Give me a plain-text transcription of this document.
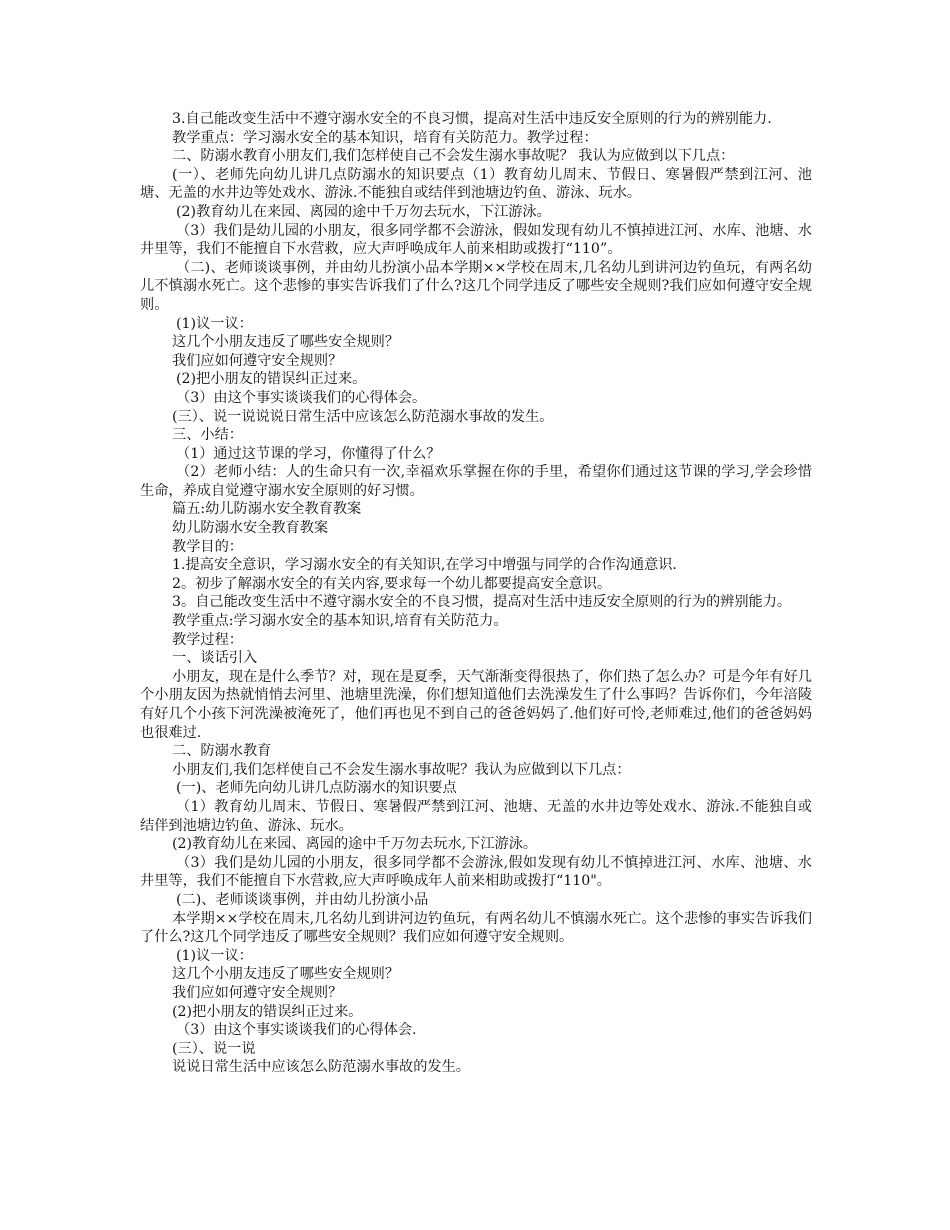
3.自己能改变生活中不遵守溺水安全的不良习惯，提高对生活中违反安全原则的行为的辨别能力.

教学重点：学习溺水安全的基本知识，培育有关防范力。教学过程：

二、防溺水教育小朋友们,我们怎样使自己不会发生溺水事故呢？ 我认为应做到以下几点：

(一）、老师先向幼儿讲几点防溺水的知识要点（1）教育幼儿周末、节假日、寒暑假严禁到江河、池塘、无盖的水井边等处戏水、游泳.不能独自或结伴到池塘边钓鱼、游泳、玩水。

(2)教育幼儿在来园、离园的途中千万勿去玩水，下江游泳。

（3）我们是幼儿园的小朋友，很多同学都不会游泳，假如发现有幼儿不慎掉进江河、水库、池塘、水井里等，我们不能擅自下水营救，应大声呼唤成年人前来相助或拨打“110”。

（二)、老师谈谈事例，并由幼儿扮演小品本学期××学校在周末,几名幼儿到讲河边钓鱼玩，有两名幼儿不慎溺水死亡。这个悲惨的事实告诉我们了什么?这几个同学违反了哪些安全规则?我们应如何遵守安全规则。

(1)议一议：

这几个小朋友违反了哪些安全规则？

我们应如何遵守安全规则？

(2)把小朋友的错误纠正过来。

（3）由这个事实谈谈我们的心得体会。

(三）、说一说说说日常生活中应该怎么防范溺水事故的发生。

三、小结：

（1）通过这节课的学习，你懂得了什么？

（2）老师小结：人的生命只有一次,幸福欢乐掌握在你的手里，希望你们通过这节课的学习,学会珍惜生命，养成自觉遵守溺水安全原则的好习惯。

篇五:幼儿防溺水安全教育教案

幼儿防溺水安全教育教案

教学目的：

1.提高安全意识，学习溺水安全的有关知识,在学习中增强与同学的合作沟通意识.

2。初步了解溺水安全的有关内容,要求每一个幼儿都要提高安全意识。

3。自己能改变生活中不遵守溺水安全的不良习惯，提高对生活中违反安全原则的行为的辨别能力。

教学重点:学习溺水安全的基本知识,培育有关防范力。

教学过程：

一、谈话引入

小朋友，现在是什么季节？对，现在是夏季，天气渐渐变得很热了，你们热了怎么办？可是今年有好几个小朋友因为热就悄悄去河里、池塘里洗澡，你们想知道他们去洗澡发生了什么事吗？告诉你们，今年涪陵有好几个小孩下河洗澡被淹死了，他们再也见不到自己的爸爸妈妈了.他们好可怜,老师难过,他们的爸爸妈妈也很难过.

二、防溺水教育

小朋友们,我们怎样使自己不会发生溺水事故呢？我认为应做到以下几点：

(一)、老师先向幼儿讲几点防溺水的知识要点

（1）教育幼儿周末、节假日、寒暑假严禁到江河、池塘、无盖的水井边等处戏水、游泳.不能独自或结伴到池塘边钓鱼、游泳、玩水。

(2)教育幼儿在来园、离园的途中千万勿去玩水,下江游泳。

（3）我们是幼儿园的小朋友，很多同学都不会游泳,假如发现有幼儿不慎掉进江河、水库、池塘、水井里等，我们不能擅自下水营救,应大声呼唤成年人前来相助或拨打“110"。

(二)、老师谈谈事例，并由幼儿扮演小品

本学期××学校在周末,几名幼儿到讲河边钓鱼玩，有两名幼儿不慎溺水死亡。这个悲惨的事实告诉我们了什么?这几个同学违反了哪些安全规则？我们应如何遵守安全规则。

(1)议一议：

这几个小朋友违反了哪些安全规则？

我们应如何遵守安全规则？

(2)把小朋友的错误纠正过来。

（3）由这个事实谈谈我们的心得体会.

(三）、说一说

说说日常生活中应该怎么防范溺水事故的发生。
